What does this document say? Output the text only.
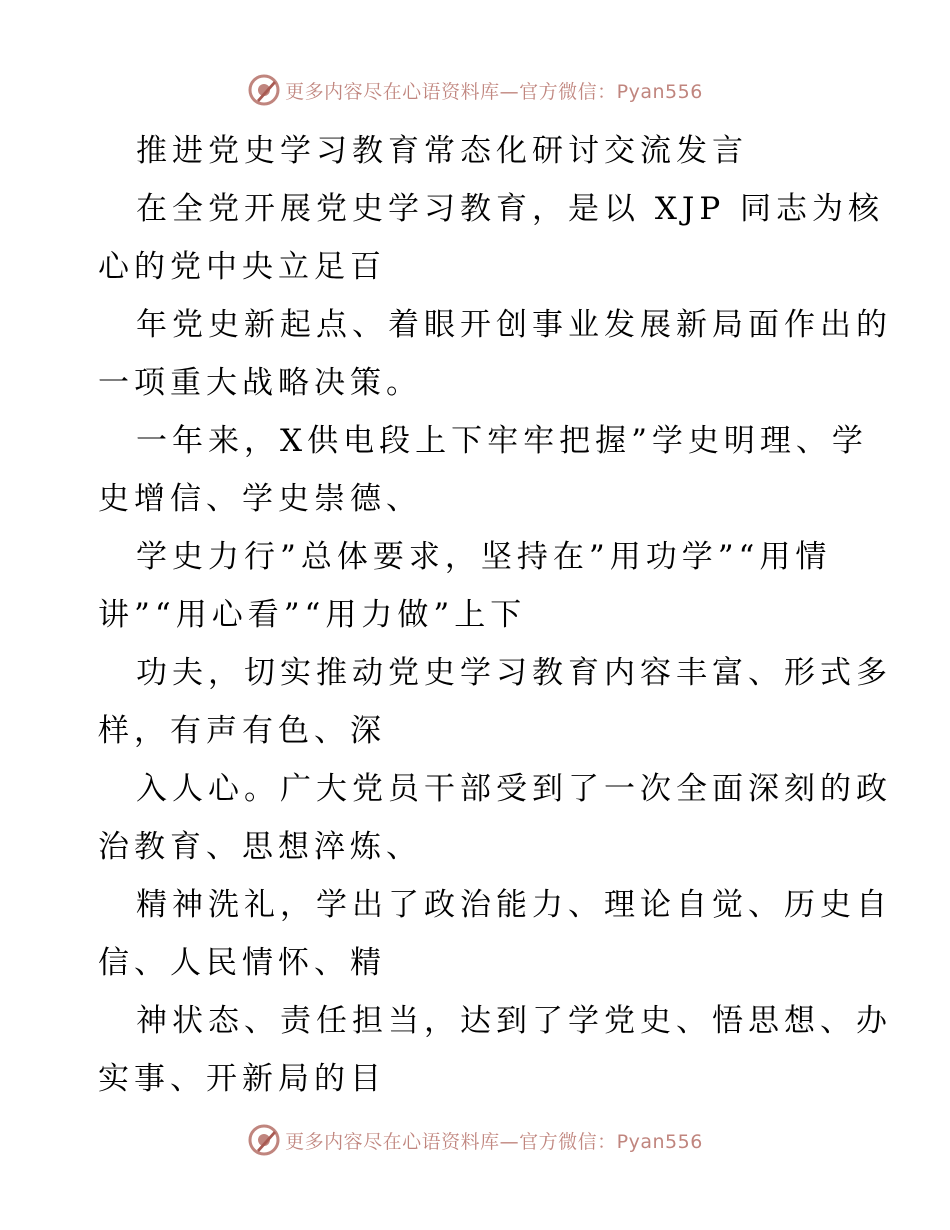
更多内容尽在心语资料库—官方微信：Pyan556
推进党史学习教育常态化研讨交流发言
在全党开展党史学习教育，是以 XJP 同志为核
心的党中央立足百
年党史新起点、着眼开创事业发展新局面作出的
一项重大战略决策。
一年来，X供电段上下牢牢把握”学史明理、学
史增信、学史崇德、
学史力行”总体要求，坚持在”用功学”“用情
讲”“用心看”“用力做”上下
功夫，切实推动党史学习教育内容丰富、形式多
样，有声有色、深
入人心。广大党员干部受到了一次全面深刻的政
治教育、思想淬炼、
精神洗礼，学出了政治能力、理论自觉、历史自
信、人民情怀、精
神状态、责任担当，达到了学党史、悟思想、办
实事、开新局的目
更多内容尽在心语资料库—官方微信：Pyan556
